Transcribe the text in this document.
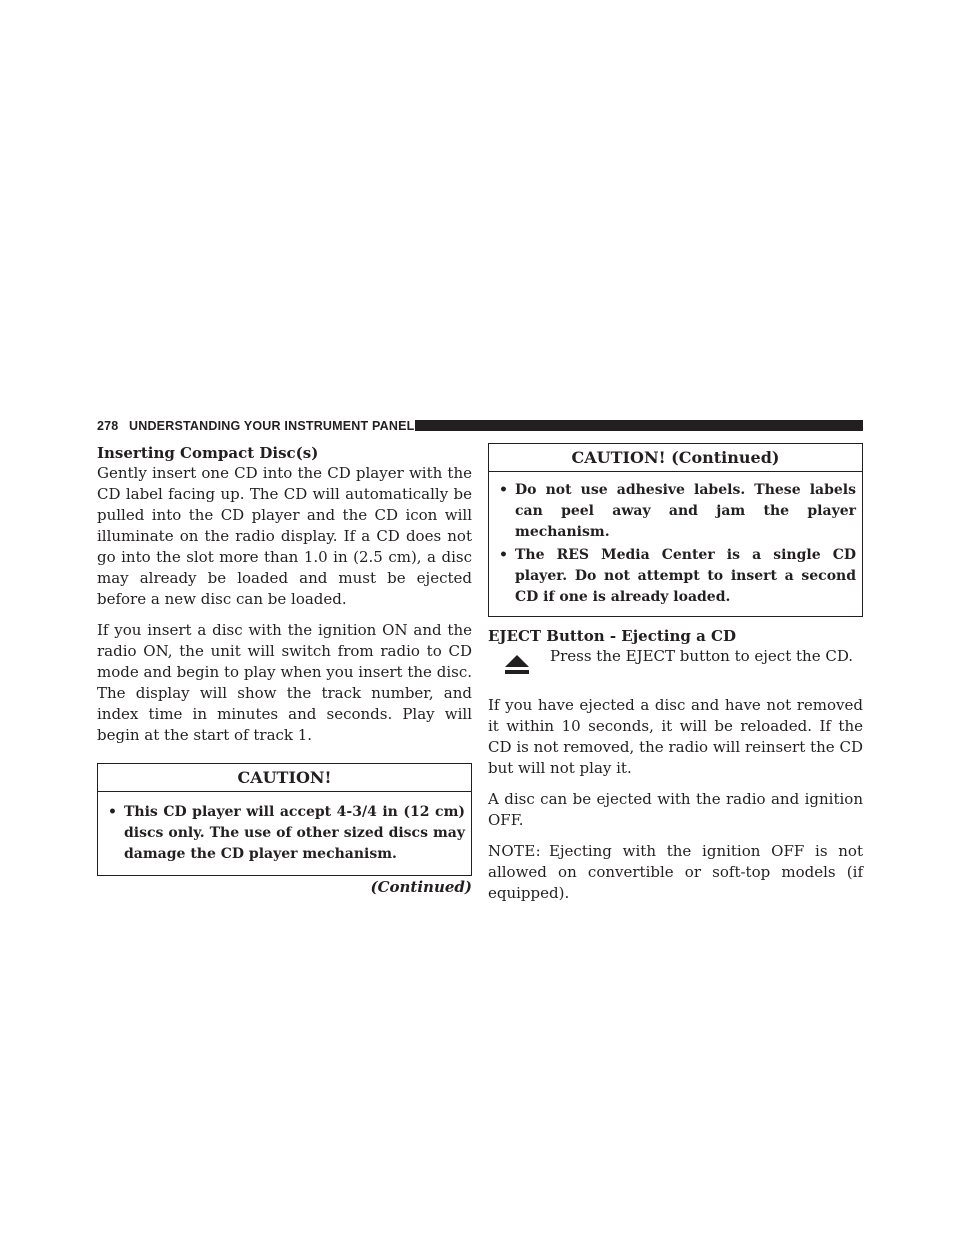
278 UNDERSTANDING YOUR INSTRUMENT PANEL
Inserting Compact Disc(s)

Gently insert one CD into the CD player with the CD label facing up. The CD will automatically be pulled into the CD player and the CD icon will illuminate on the radio display. If a CD does not go into the slot more than 1.0 in (2.5 cm), a disc may already be loaded and must be ejected before a new disc can be loaded.

If you insert a disc with the ignition ON and the radio ON, the unit will switch from radio to CD mode and begin to play when you insert the disc. The display will show the track number, and index time in minutes and seconds. Play will begin at the start of track 1.

CAUTION!
• This CD player will accept 4-3/4 in (12 cm) discs only. The use of other sized discs may damage the CD player mechanism.
(Continued)
CAUTION! (Continued)
• Do not use adhesive labels. These labels can peel away and jam the player mechanism.
• The RES Media Center is a single CD player. Do not attempt to insert a second CD if one is already loaded.
EJECT Button - Ejecting a CD
Press the EJECT button to eject the CD.

If you have ejected a disc and have not removed it within 10 seconds, it will be reloaded. If the CD is not removed, the radio will reinsert the CD but will not play it.

A disc can be ejected with the radio and ignition OFF.

NOTE: Ejecting with the ignition OFF is not allowed on convertible or soft-top models (if equipped).
